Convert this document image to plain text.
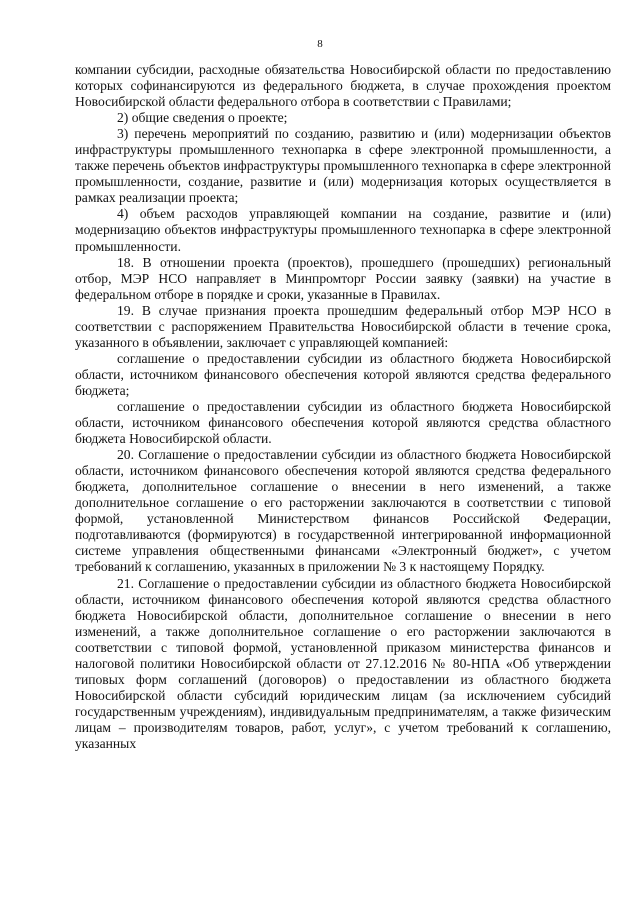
8

компании субсидии, расходные обязательства Новосибирской области по предоставлению которых софинансируются из федерального бюджета, в случае прохождения проектом Новосибирской области федерального отбора в соответствии с Правилами;

2) общие сведения о проекте;

3) перечень мероприятий по созданию, развитию и (или) модернизации объектов инфраструктуры промышленного технопарка в сфере электронной промышленности, а также перечень объектов инфраструктуры промышленного технопарка в сфере электронной промышленности, создание, развитие и (или) модернизация которых осуществляется в рамках реализации проекта;

4) объем расходов управляющей компании на создание, развитие и (или) модернизацию объектов инфраструктуры промышленного технопарка в сфере электронной промышленности.

18. В отношении проекта (проектов), прошедшего (прошедших) региональный отбор, МЭР НСО направляет в Минпромторг России заявку (заявки) на участие в федеральном отборе в порядке и сроки, указанные в Правилах.

19. В случае признания проекта прошедшим федеральный отбор МЭР НСО в соответствии с распоряжением Правительства Новосибирской области в течение срока, указанного в объявлении, заключает с управляющей компанией:

соглашение о предоставлении субсидии из областного бюджета Новосибирской области, источником финансового обеспечения которой являются средства федерального бюджета;

соглашение о предоставлении субсидии из областного бюджета Новосибирской области, источником финансового обеспечения которой являются средства областного бюджета Новосибирской области.

20. Соглашение о предоставлении субсидии из областного бюджета Новосибирской области, источником финансового обеспечения которой являются средства федерального бюджета, дополнительное соглашение о внесении в него изменений, а также дополнительное соглашение о его расторжении заключаются в соответствии с типовой формой, установленной Министерством финансов Российской Федерации, подготавливаются (формируются) в государственной интегрированной информационной системе управления общественными финансами «Электронный бюджет», с учетом требований к соглашению, указанных в приложении № 3 к настоящему Порядку.

21. Соглашение о предоставлении субсидии из областного бюджета Новосибирской области, источником финансового обеспечения которой являются средства областного бюджета Новосибирской области, дополнительное соглашение о внесении в него изменений, а также дополнительное соглашение о его расторжении заключаются в соответствии с типовой формой, установленной приказом министерства финансов и налоговой политики Новосибирской области от 27.12.2016 № 80-НПА «Об утверждении типовых форм соглашений (договоров) о предоставлении из областного бюджета Новосибирской области субсидий юридическим лицам (за исключением субсидий государственным учреждениям), индивидуальным предпринимателям, а также физическим лицам – производителям товаров, работ, услуг», с учетом требований к соглашению, указанных
